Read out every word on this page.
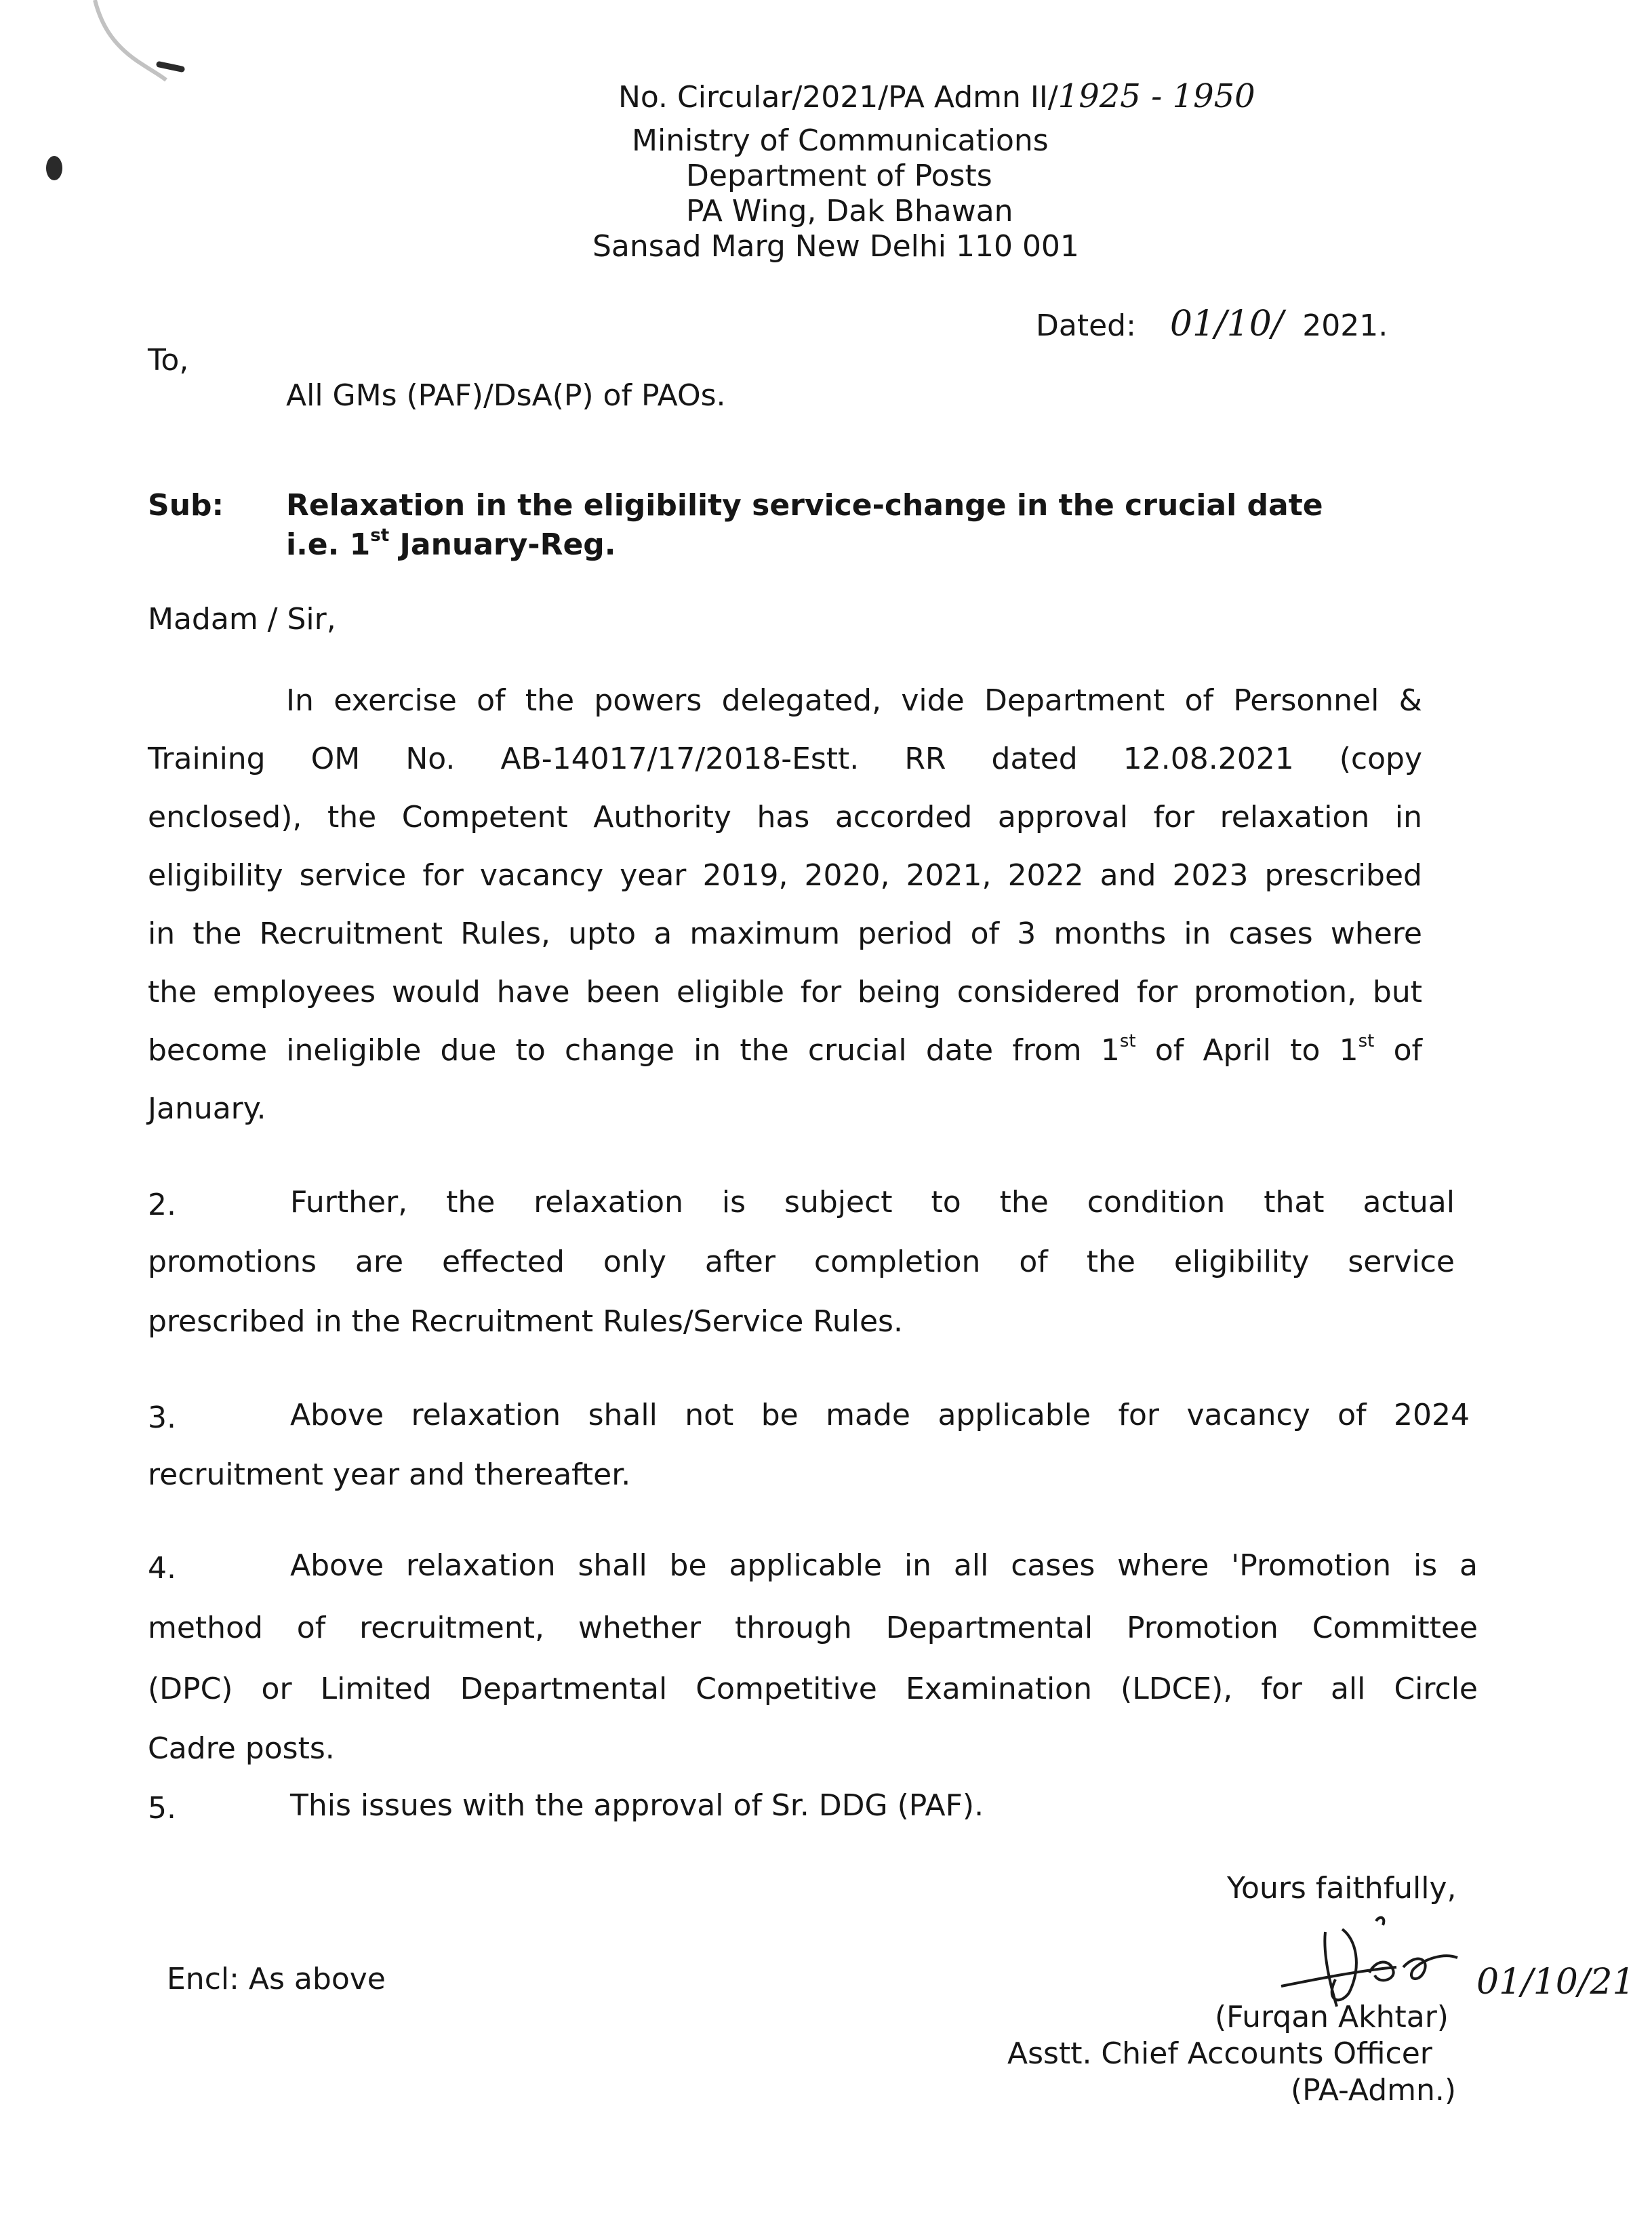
No. Circular/2021/PA Admn II/1925 - 1950
Ministry of Communications
Department of Posts
PA Wing, Dak Bhawan
Sansad Marg New Delhi 110 001
Dated: 01/10/ 2021.
To,
All GMs (PAF)/DsA(P) of PAOs.
Sub: Relaxation in the eligibility service-change in the crucial date
i.e. 1st January-Reg.
Madam / Sir,
In exercise of the powers delegated, vide Department of Personnel &
Training OM No. AB-14017/17/2018-Estt. RR dated 12.08.2021 (copy
enclosed), the Competent Authority has accorded approval for relaxation in
eligibility service for vacancy year 2019, 2020, 2021, 2022 and 2023 prescribed
in the Recruitment Rules, upto a maximum period of 3 months in cases where
the employees would have been eligible for being considered for promotion, but
become ineligible due to change in the crucial date from 1st of April to 1st of
January.
2.	Further, the relaxation is subject to the condition that actual
promotions are effected only after completion of the eligibility service
prescribed in the Recruitment Rules/Service Rules.
3.	Above relaxation shall not be made applicable for vacancy of 2024
recruitment year and thereafter.
4.	Above relaxation shall be applicable in all cases where 'Promotion is a
method of recruitment, whether through Departmental Promotion Committee
(DPC) or Limited Departmental Competitive Examination (LDCE), for all Circle
Cadre posts.
5.	This issues with the approval of Sr. DDG (PAF).
Yours faithfully,
Encl: As above
(Furqan Akhtar)
01/10/21
Asstt. Chief Accounts Officer
(PA-Admn.)
